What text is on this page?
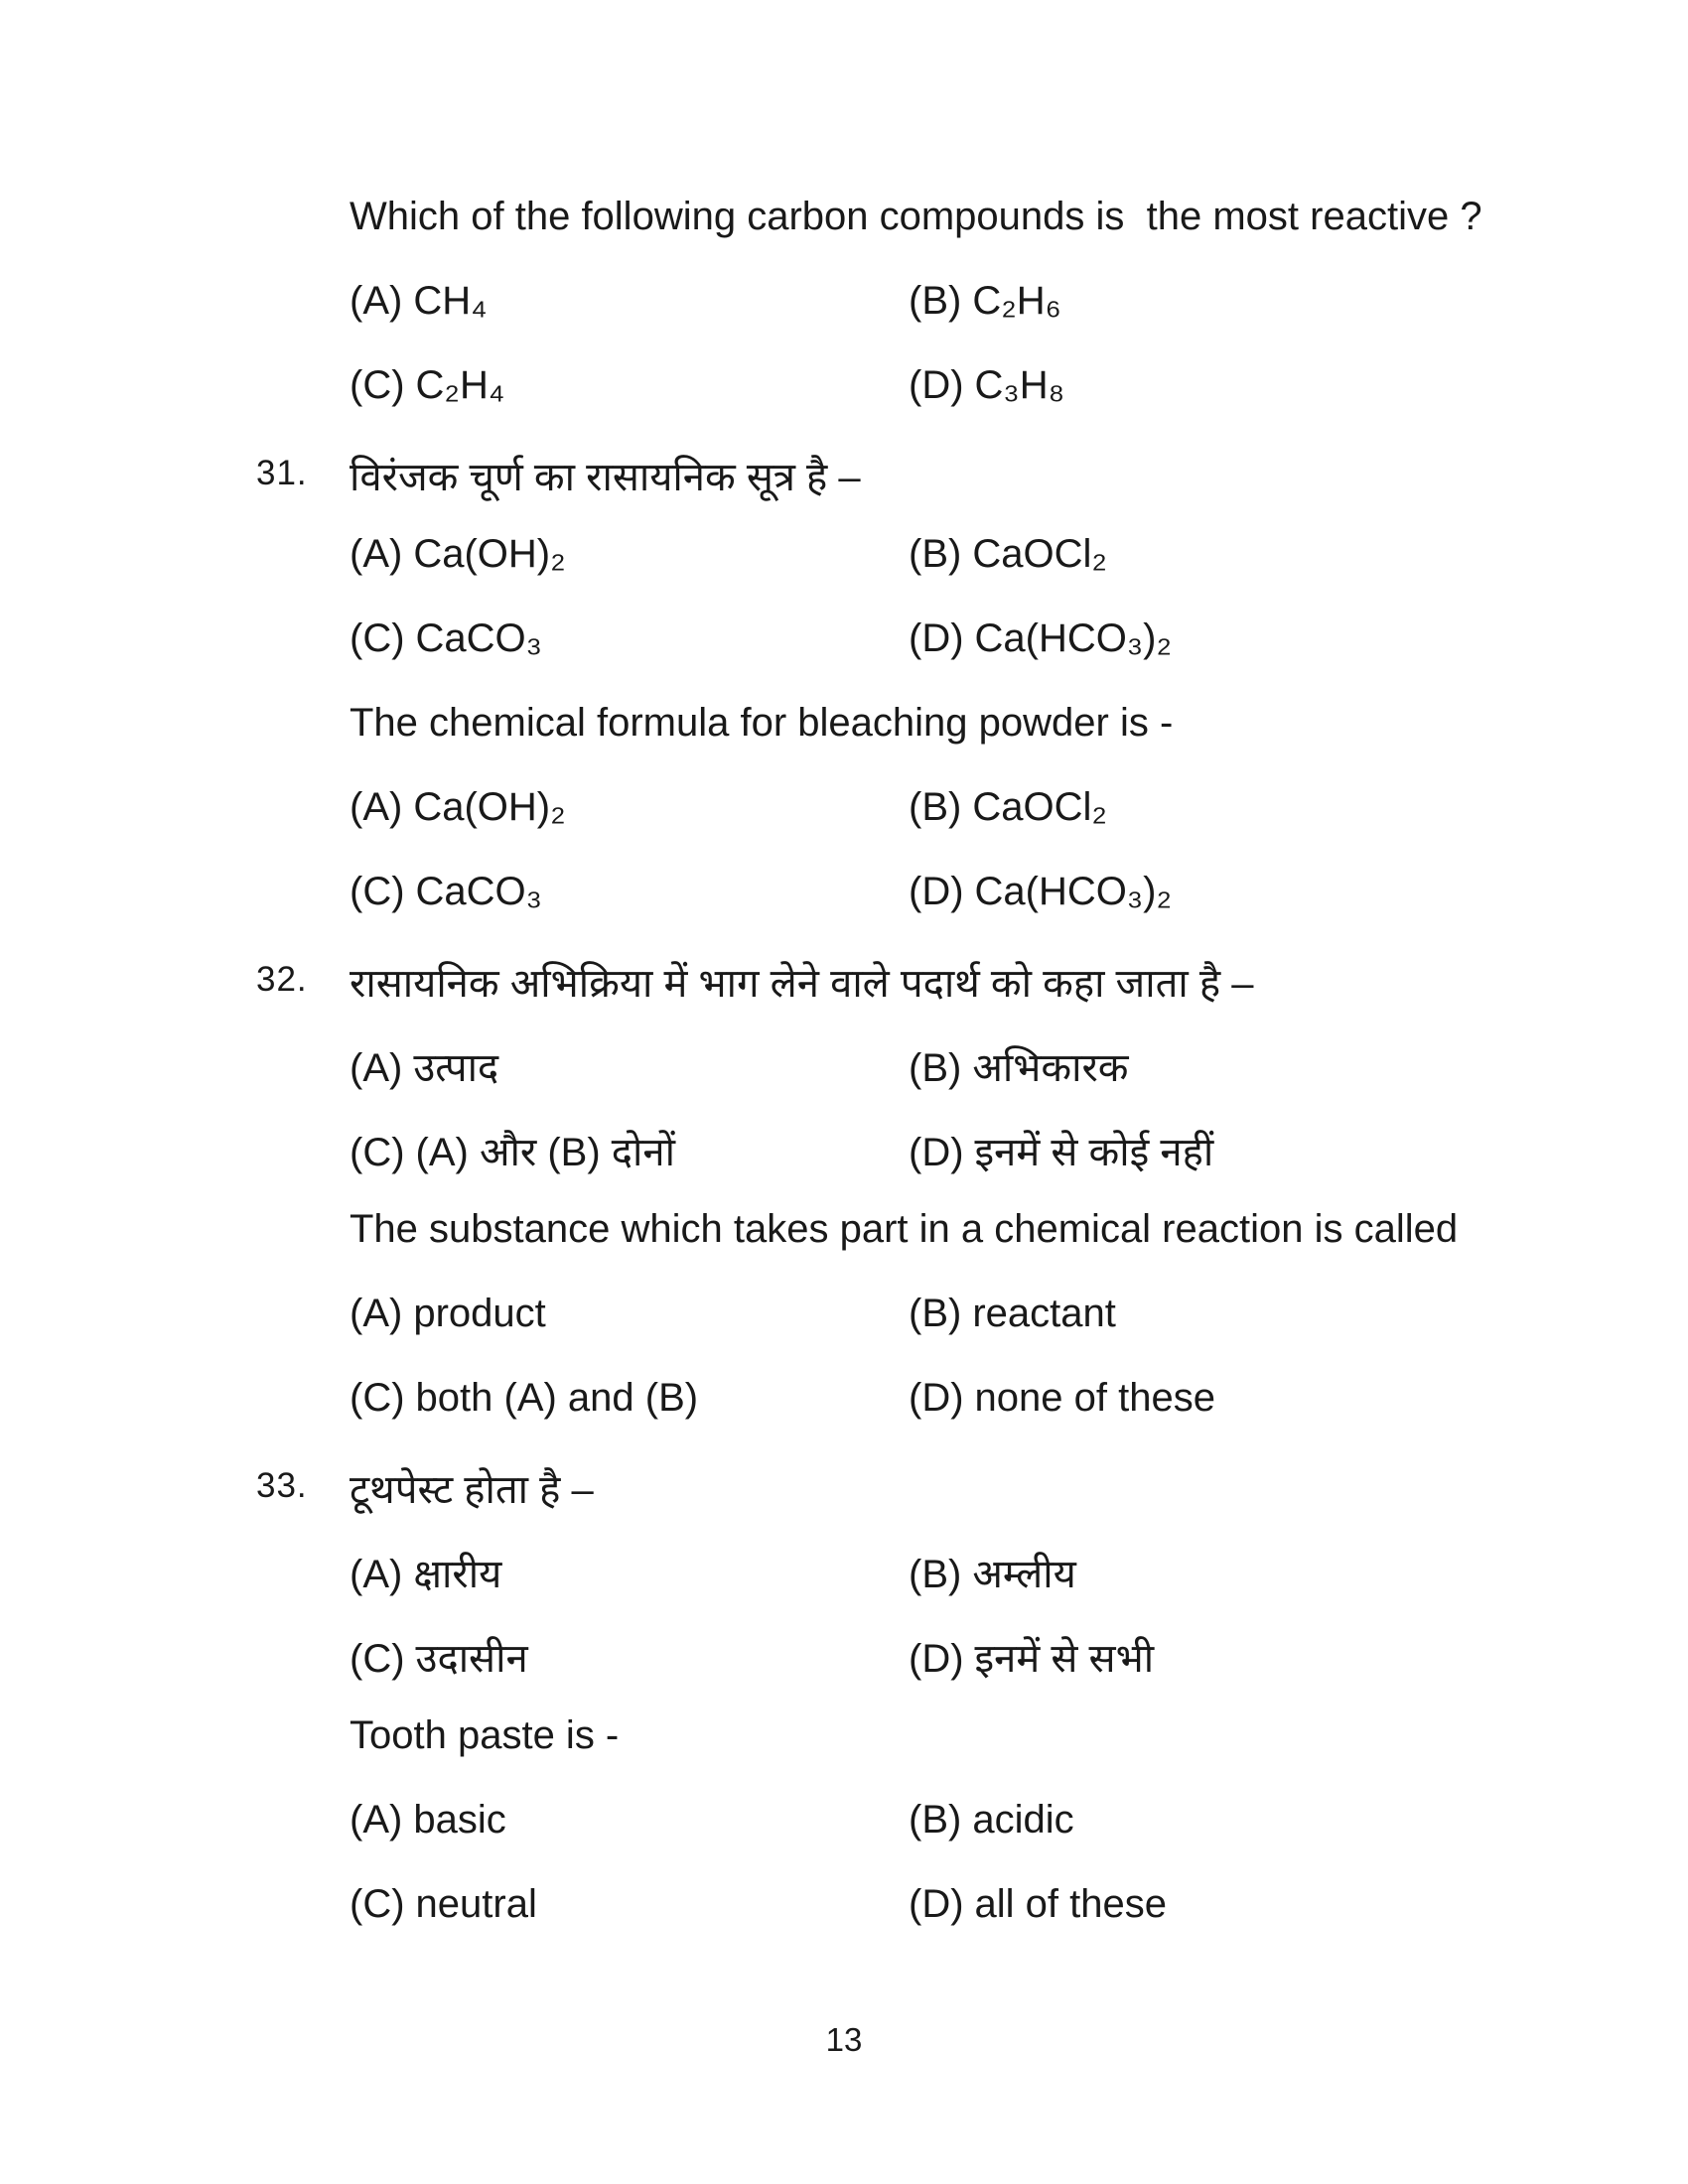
Which of the following carbon compounds is  the most reactive ?
(A) CH₄	(B) C₂H₆
(C) C₂H₄	(D) C₃H₈
31. विरंजक चूर्ण का रासायनिक सूत्र है –
(A) Ca(OH)₂	(B) CaOCl₂
(C) CaCO₃	(D) Ca(HCO₃)₂
The chemical formula for bleaching powder is -
(A) Ca(OH)₂	(B) CaOCl₂
(C) CaCO₃	(D) Ca(HCO₃)₂
32. रासायनिक अभिक्रिया में भाग लेने वाले पदार्थ को कहा जाता है –
(A) उत्पाद	(B) अभिकारक
(C) (A) और (B) दोनों	(D) इनमें से कोई नहीं
The substance which takes part in a chemical reaction is called
(A) product	(B) reactant
(C) both (A) and (B)	(D) none of these
33. टूथपेस्ट होता है –
(A) क्षारीय	(B) अम्लीय
(C) उदासीन	(D) इनमें से सभी
Tooth paste is -
(A) basic	(B) acidic
(C) neutral	(D) all of these
13
